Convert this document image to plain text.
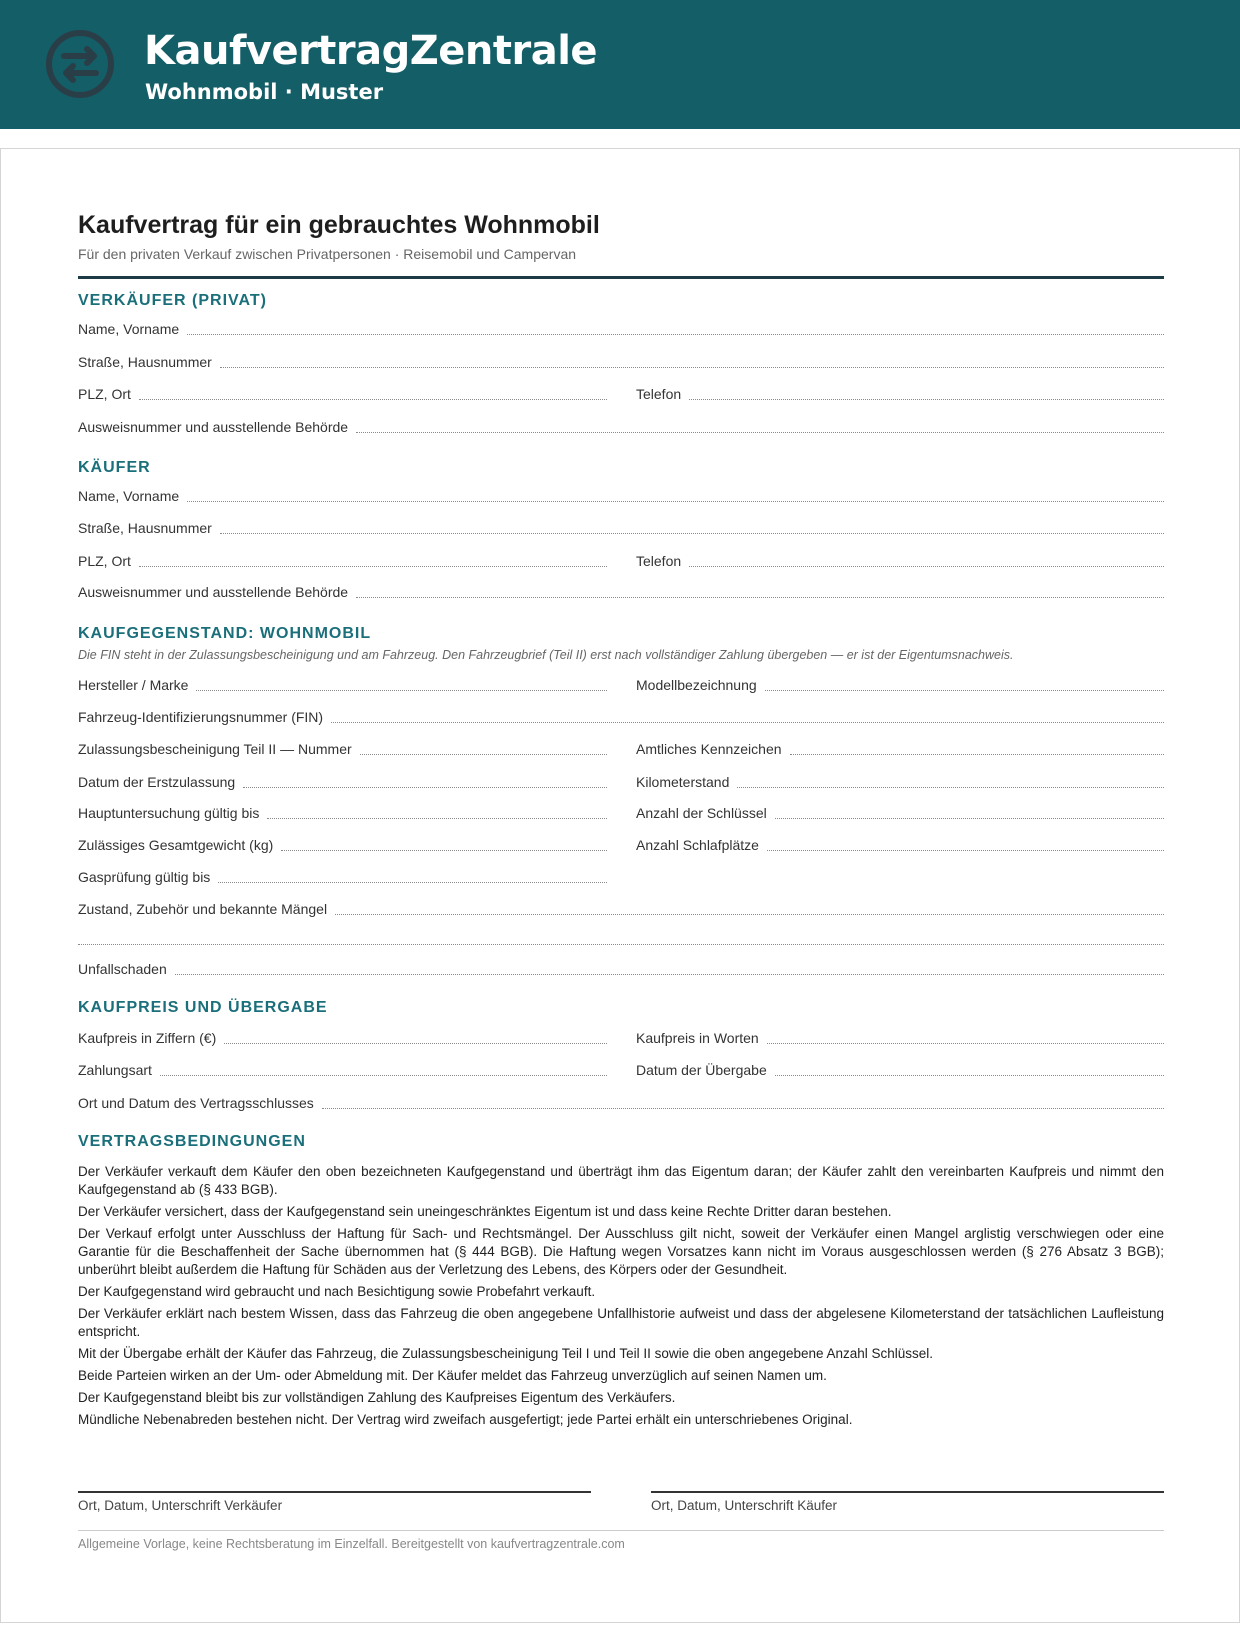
KaufvertragZentrale
Wohnmobil · Muster
Kaufvertrag für ein gebrauchtes Wohnmobil
Für den privaten Verkauf zwischen Privatpersonen · Reisemobil und Campervan
VERKÄUFER (PRIVAT)
Name, Vorname
Straße, Hausnummer
PLZ, Ort	Telefon
Ausweisnummer und ausstellende Behörde
KÄUFER
Name, Vorname
Straße, Hausnummer
PLZ, Ort	Telefon
Ausweisnummer und ausstellende Behörde
KAUFGEGENSTAND: WOHNMOBIL
Die FIN steht in der Zulassungsbescheinigung und am Fahrzeug. Den Fahrzeugbrief (Teil II) erst nach vollständiger Zahlung übergeben — er ist der Eigentumsnachweis.
Hersteller / Marke	Modellbezeichnung
Fahrzeug-Identifizierungsnummer (FIN)
Zulassungsbescheinigung Teil II — Nummer	Amtliches Kennzeichen
Datum der Erstzulassung	Kilometerstand
Hauptuntersuchung gültig bis	Anzahl der Schlüssel
Zulässiges Gesamtgewicht (kg)	Anzahl Schlafplätze
Gasprüfung gültig bis
Zustand, Zubehör und bekannte Mängel
Unfallschaden
KAUFPREIS UND ÜBERGABE
Kaufpreis in Ziffern (€)	Kaufpreis in Worten
Zahlungsart	Datum der Übergabe
Ort und Datum des Vertragsschlusses
VERTRAGSBEDINGUNGEN

Der Verkäufer verkauft dem Käufer den oben bezeichneten Kaufgegenstand und überträgt ihm das Eigentum daran; der Käufer zahlt den vereinbarten Kaufpreis und nimmt den Kaufgegenstand ab (§ 433 BGB).

Der Verkäufer versichert, dass der Kaufgegenstand sein uneingeschränktes Eigentum ist und dass keine Rechte Dritter daran bestehen.

Der Verkauf erfolgt unter Ausschluss der Haftung für Sach- und Rechtsmängel. Der Ausschluss gilt nicht, soweit der Verkäufer einen Mangel arglistig verschwiegen oder eine Garantie für die Beschaffenheit der Sache übernommen hat (§ 444 BGB). Die Haftung wegen Vorsatzes kann nicht im Voraus ausgeschlossen werden (§ 276 Absatz 3 BGB); unberührt bleibt außerdem die Haftung für Schäden aus der Verletzung des Lebens, des Körpers oder der Gesundheit.

Der Kaufgegenstand wird gebraucht und nach Besichtigung sowie Probefahrt verkauft.

Der Verkäufer erklärt nach bestem Wissen, dass das Fahrzeug die oben angegebene Unfallhistorie aufweist und dass der abgelesene Kilometerstand der tatsächlichen Laufleistung entspricht.

Mit der Übergabe erhält der Käufer das Fahrzeug, die Zulassungsbescheinigung Teil I und Teil II sowie die oben angegebene Anzahl Schlüssel.

Beide Parteien wirken an der Um- oder Abmeldung mit. Der Käufer meldet das Fahrzeug unverzüglich auf seinen Namen um.

Der Kaufgegenstand bleibt bis zur vollständigen Zahlung des Kaufpreises Eigentum des Verkäufers.

Mündliche Nebenabreden bestehen nicht. Der Vertrag wird zweifach ausgefertigt; jede Partei erhält ein unterschriebenes Original.

Ort, Datum, Unterschrift Verkäufer	Ort, Datum, Unterschrift Käufer
Allgemeine Vorlage, keine Rechtsberatung im Einzelfall. Bereitgestellt von kaufvertragzentrale.com
